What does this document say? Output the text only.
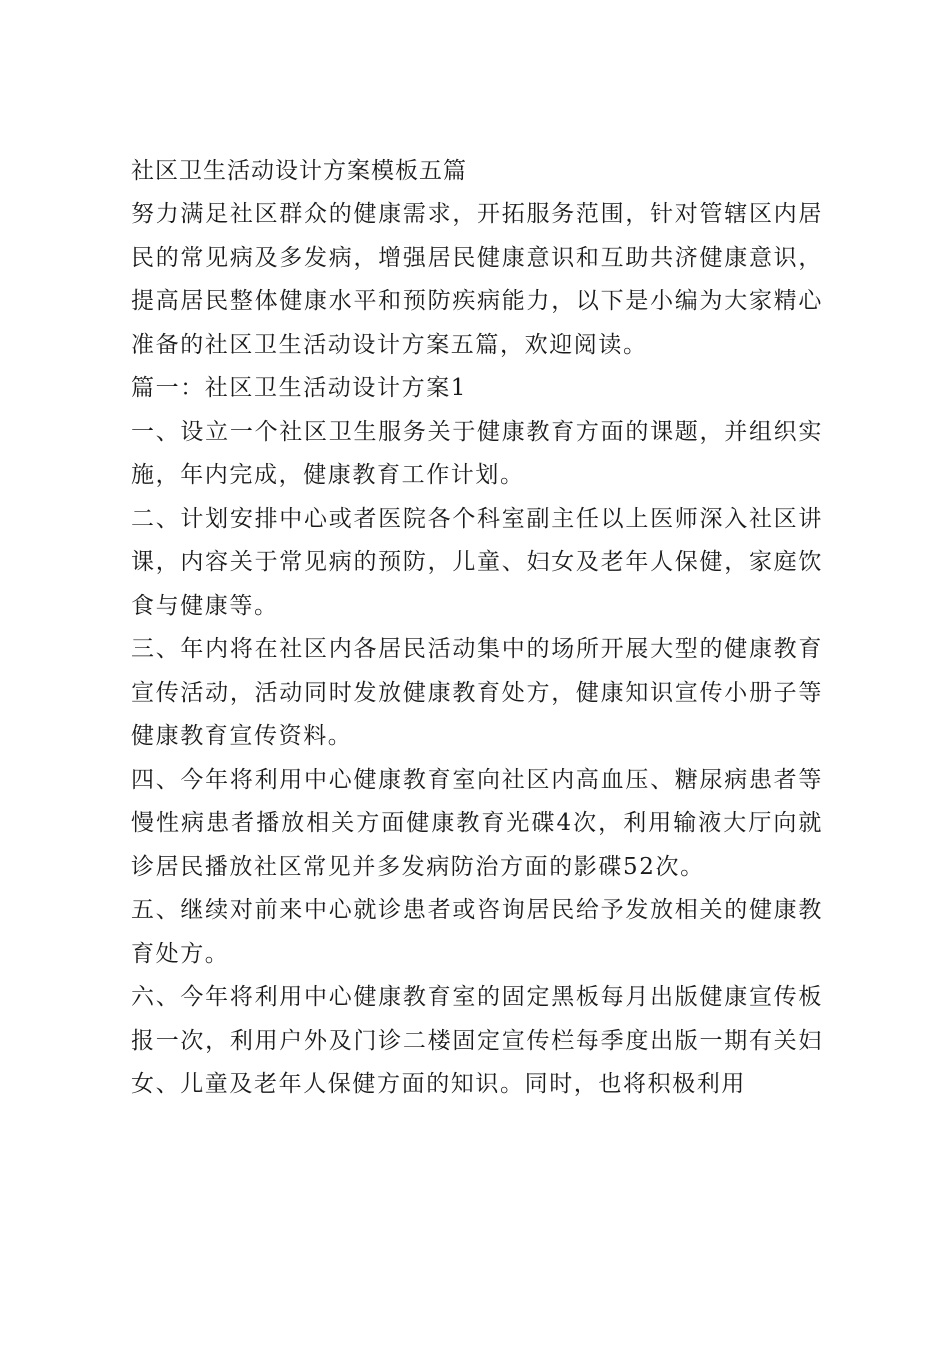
社区卫生活动设计方案模板五篇

努力满足社区群众的健康需求，开拓服务范围，针对管辖区内居民的常见病及多发病，增强居民健康意识和互助共济健康意识，提高居民整体健康水平和预防疾病能力，以下是小编为大家精心准备的社区卫生活动设计方案五篇，欢迎阅读。

篇一：社区卫生活动设计方案1

一、设立一个社区卫生服务关于健康教育方面的课题，并组织实施，年内完成，健康教育工作计划。

二、计划安排中心或者医院各个科室副主任以上医师深入社区讲课，内容关于常见病的预防，儿童、妇女及老年人保健，家庭饮食与健康等。

三、年内将在社区内各居民活动集中的场所开展大型的健康教育宣传活动，活动同时发放健康教育处方，健康知识宣传小册子等健康教育宣传资料。

四、今年将利用中心健康教育室向社区内高血压、糖尿病患者等慢性病患者播放相关方面健康教育光碟4次，利用输液大厅向就诊居民播放社区常见并多发病防治方面的影碟52次。

五、继续对前来中心就诊患者或咨询居民给予发放相关的健康教育处方。

六、今年将利用中心健康教育室的固定黑板每月出版健康宣传板报一次，利用户外及门诊二楼固定宣传栏每季度出版一期有关妇女、儿童及老年人保健方面的知识。同时，也将积极利用
